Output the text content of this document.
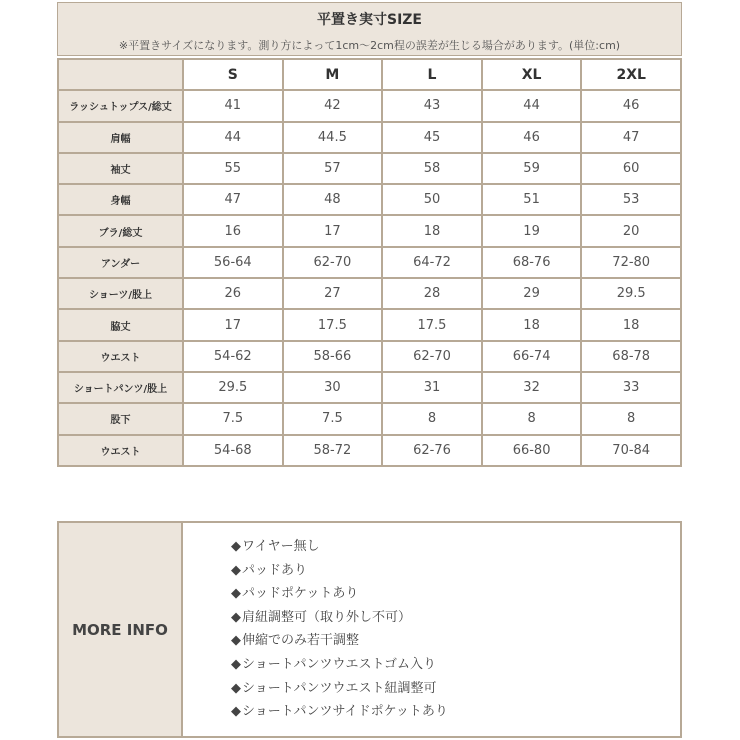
平置き実寸SIZE
※平置きサイズになります。測り方によって1cm〜2cm程の誤差が生じる場合があります。(単位:cm)
	S	M	L	XL	2XL
ラッシュトップス/総丈	41	42	43	44	46
肩幅	44	44.5	45	46	47
袖丈	55	57	58	59	60
身幅	47	48	50	51	53
ブラ/総丈	16	17	18	19	20
アンダー	56-64	62-70	64-72	68-76	72-80
ショーツ/股上	26	27	28	29	29.5
脇丈	17	17.5	17.5	18	18
ウエスト	54-62	58-66	62-70	66-74	68-78
ショートパンツ/股上	29.5	30	31	32	33
股下	7.5	7.5	8	8	8
ウエスト	54-68	58-72	62-76	66-80	70-84
MORE INFO
◆ワイヤー無し
◆パッドあり
◆パッドポケットあり
◆肩紐調整可（取り外し不可）
◆伸縮でのみ若干調整
◆ショートパンツウエストゴム入り
◆ショートパンツウエスト紐調整可
◆ショートパンツサイドポケットあり
